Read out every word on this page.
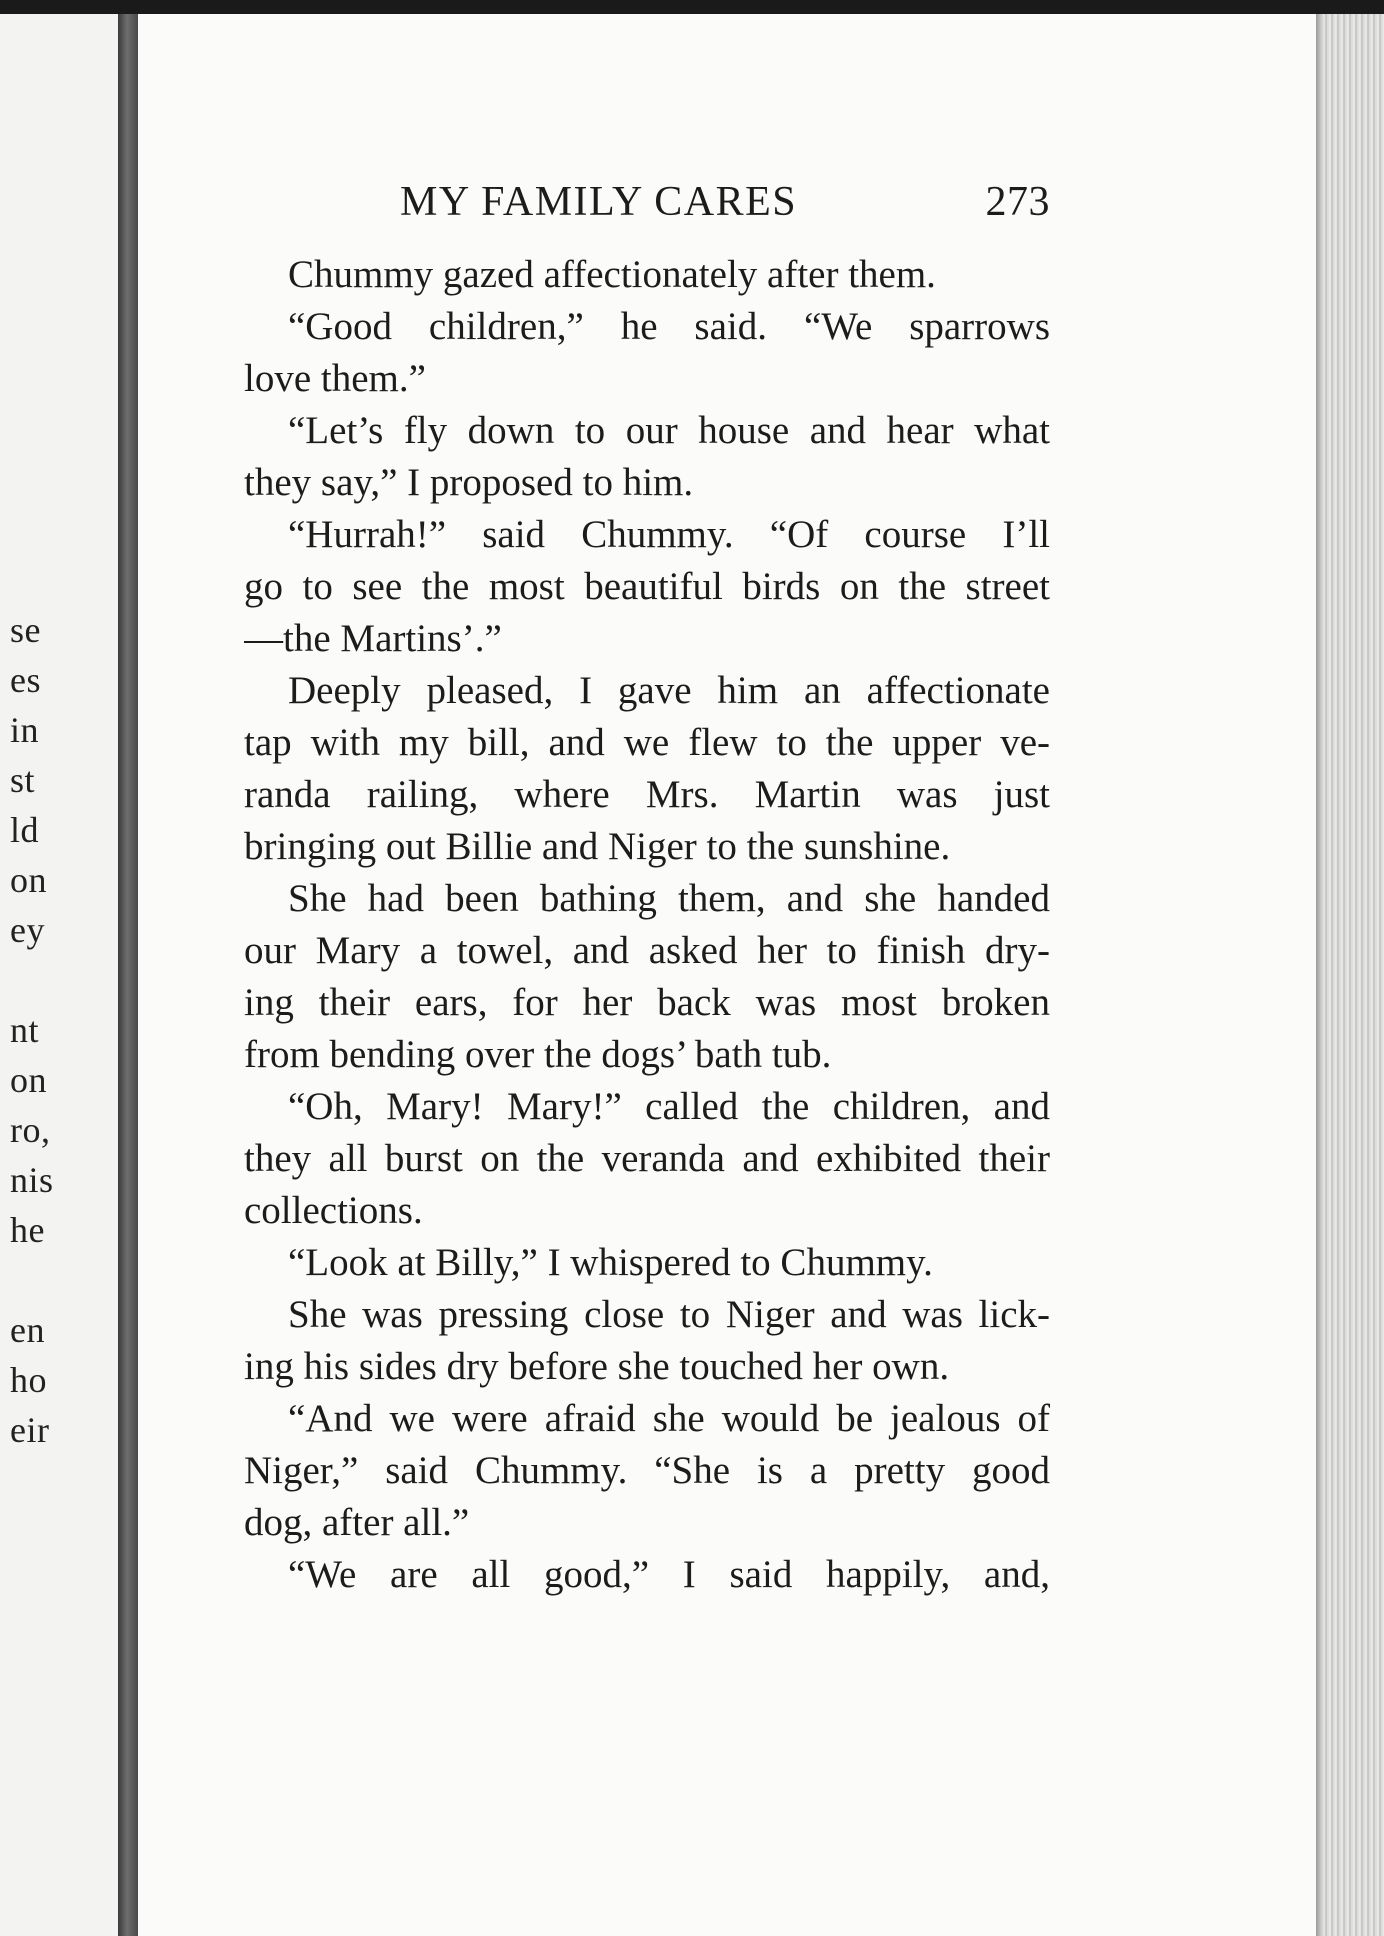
se
es
in
st
ld
on
ey
nt
on
ro,
nis
he
en
ho
eir
MY FAMILY CARES	273
Chummy gazed affectionately after them.
“Good children,” he said. “We sparrows
love them.”
“Let’s fly down to our house and hear what
they say,” I proposed to him.
“Hurrah!” said Chummy. “Of course I’ll
go to see the most beautiful birds on the street
—the Martins’.”
Deeply pleased, I gave him an affectionate
tap with my bill, and we flew to the upper ve-
randa railing, where Mrs. Martin was just
bringing out Billie and Niger to the sunshine.
She had been bathing them, and she handed
our Mary a towel, and asked her to finish dry-
ing their ears, for her back was most broken
from bending over the dogs’ bath tub.
“Oh, Mary! Mary!” called the children, and
they all burst on the veranda and exhibited their
collections.
“Look at Billy,” I whispered to Chummy.
She was pressing close to Niger and was lick-
ing his sides dry before she touched her own.
“And we were afraid she would be jealous of
Niger,” said Chummy. “She is a pretty good
dog, after all.”
“We are all good,” I said happily, and,
